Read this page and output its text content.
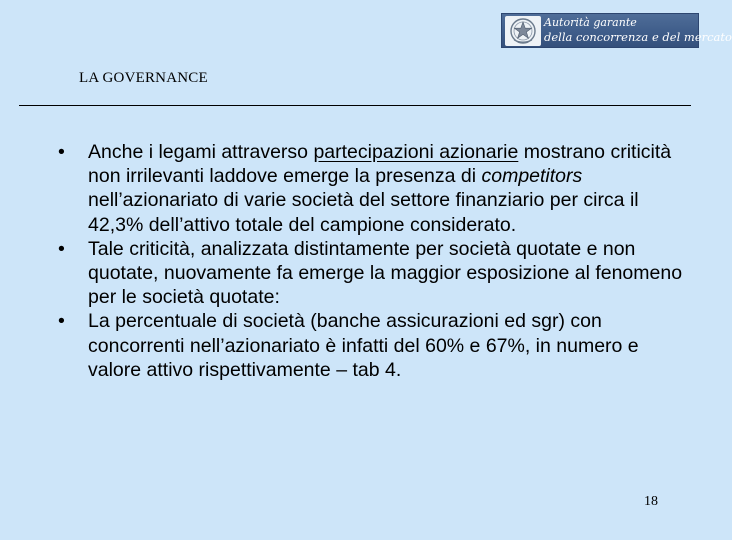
Autorità garante
della concorrenza e del mercato
LA GOVERNANCE
•	Anche i legami attraverso partecipazioni azionarie mostrano criticità non irrilevanti laddove emerge la presenza di competitors nell’azionariato di varie società del settore finanziario per circa il 42,3% dell’attivo totale del campione considerato.
•	Tale criticità, analizzata distintamente per società quotate e non quotate, nuovamente fa emerge la maggior esposizione al fenomeno per le società quotate:
•	La percentuale di società (banche assicurazioni ed sgr) con concorrenti nell’azionariato è infatti del 60% e 67%, in numero e valore attivo rispettivamente – tab 4.
18
